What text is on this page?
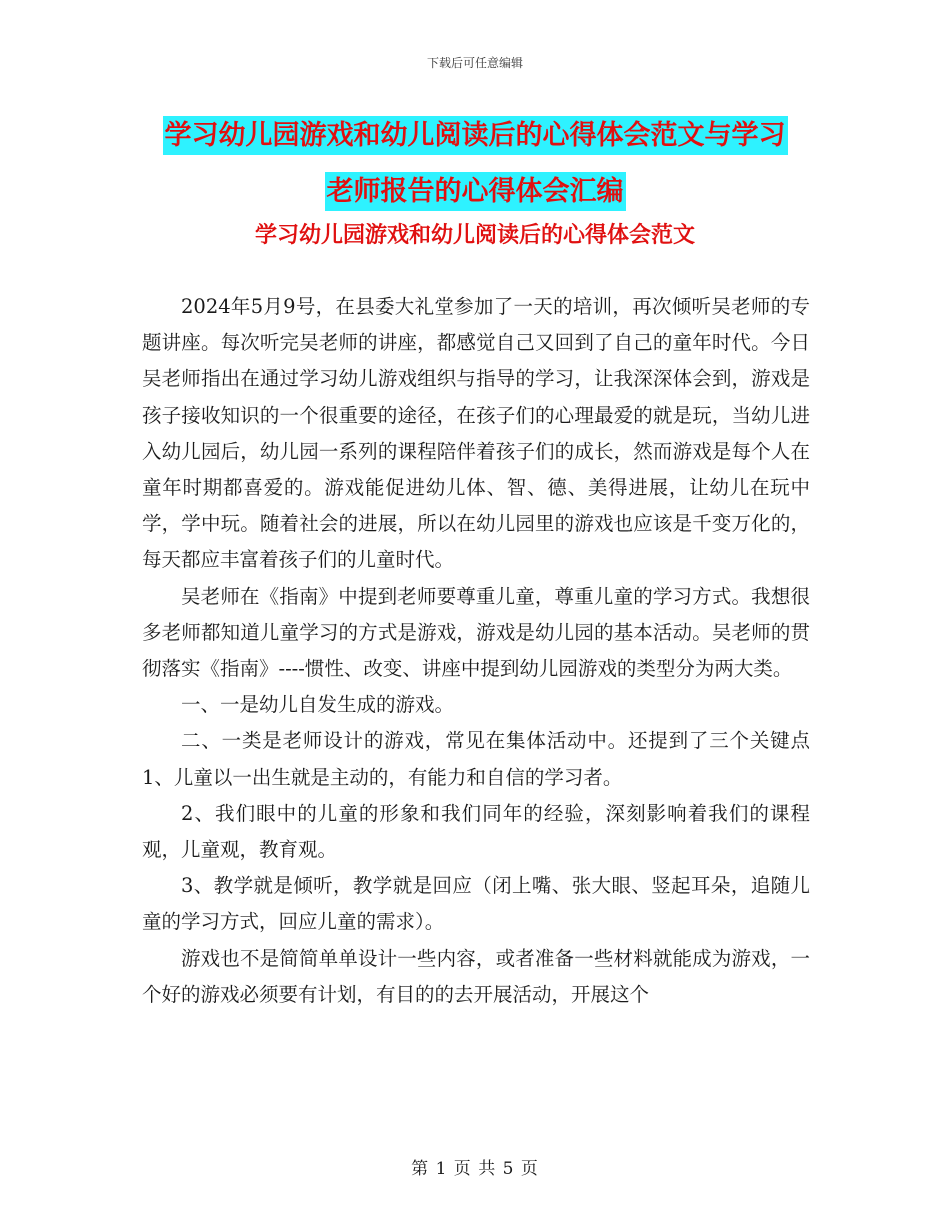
下载后可任意编辑
学习幼儿园游戏和幼儿阅读后的心得体会范文与学习
老师报告的心得体会汇编
学习幼儿园游戏和幼儿阅读后的心得体会范文

2024年5月9号，在县委大礼堂参加了一天的培训，再次倾听吴老师的专题讲座。每次听完吴老师的讲座，都感觉自己又回到了自己的童年时代。今日吴老师指出在通过学习幼儿游戏组织与指导的学习，让我深深体会到，游戏是孩子接收知识的一个很重要的途径，在孩子们的心理最爱的就是玩，当幼儿进入幼儿园后，幼儿园一系列的课程陪伴着孩子们的成长，然而游戏是每个人在童年时期都喜爱的。游戏能促进幼儿体、智、德、美得进展，让幼儿在玩中学，学中玩。随着社会的进展，所以在幼儿园里的游戏也应该是千变万化的，每天都应丰富着孩子们的儿童时代。

吴老师在《指南》中提到老师要尊重儿童，尊重儿童的学习方式。我想很多老师都知道儿童学习的方式是游戏，游戏是幼儿园的基本活动。吴老师的贯彻落实《指南》----惯性、改变、讲座中提到幼儿园游戏的类型分为两大类。

一、一是幼儿自发生成的游戏。

二、一类是老师设计的游戏，常见在集体活动中。还提到了三个关键点1、儿童以一出生就是主动的，有能力和自信的学习者。

2、我们眼中的儿童的形象和我们同年的经验，深刻影响着我们的课程观，儿童观，教育观。

3、教学就是倾听，教学就是回应（闭上嘴、张大眼、竖起耳朵，追随儿童的学习方式，回应儿童的需求）。

游戏也不是简简单单设计一些内容，或者准备一些材料就能成为游戏，一个好的游戏必须要有计划，有目的的去开展活动，开展这个

第 1 页 共 5 页
